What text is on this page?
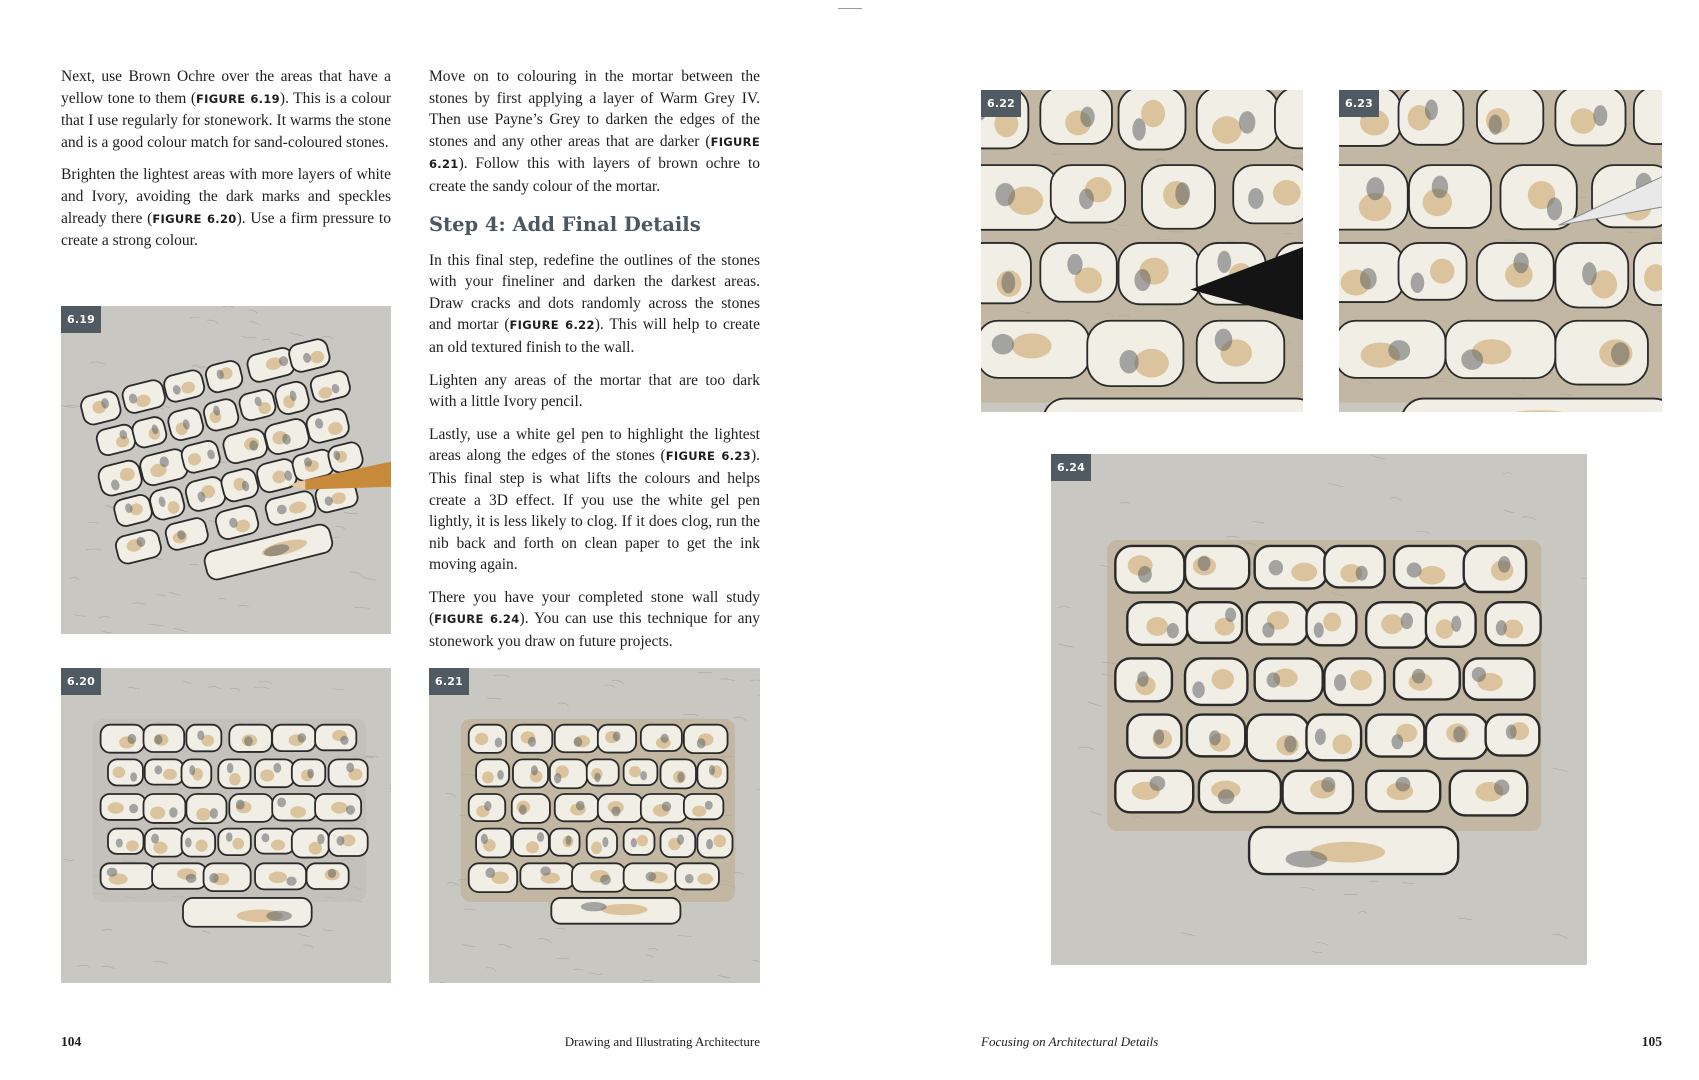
Next, use Brown Ochre over the areas that have a yellow tone to them (FIGURE 6.19). This is a colour that I use regularly for stonework. It warms the stone and is a good colour match for sand-coloured stones.

Brighten the lightest areas with more layers of white and Ivory, avoiding the dark marks and speckles already there (FIGURE 6.20). Use a firm pressure to create a strong colour.

Move on to colouring in the mortar between the stones by first applying a layer of Warm Grey IV. Then use Payne’s Grey to darken the edges of the stones and any other areas that are darker (FIGURE 6.21). Follow this with layers of brown ochre to create the sandy colour of the mortar.

Step 4: Add Final Details

In this final step, redefine the outlines of the stones with your fineliner and darken the darkest areas. Draw cracks and dots randomly across the stones and mortar (FIGURE 6.22). This will help to create an old textured finish to the wall.

Lighten any areas of the mortar that are too dark with a little Ivory pencil.

Lastly, use a white gel pen to highlight the lightest areas along the edges of the stones (FIGURE 6.23). This final step is what lifts the colours and helps create a 3D effect. If you use the white gel pen lightly, it is less likely to clog. If it does clog, run the nib back and forth on clean paper to get the ink moving again.

There you have your completed stone wall study (FIGURE 6.24). You can use this technique for any stonework you draw on future projects.

6.19
6.20	6.21
6.22	6.23
6.24
104	Drawing and Illustrating Architecture	Focusing on Architectural Details	105
